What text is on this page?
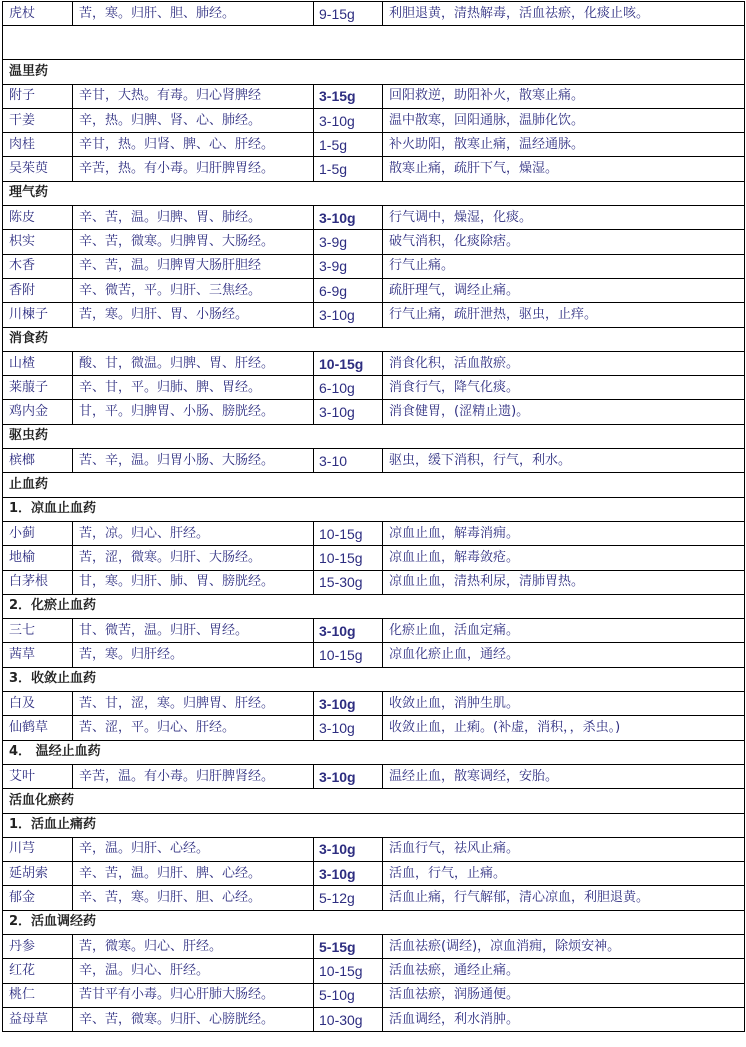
虎杖	苦，寒。归肝、胆、肺经。	9-15g	利胆退黄，清热解毒，活血祛瘀，化痰止咳。

温里药			
附子	辛甘，大热。有毒。归心肾脾经	3-15g	回阳救逆，助阳补火，散寒止痛。
干姜	辛，热。归脾、肾、心、肺经。	3-10g	温中散寒，回阳通脉，温肺化饮。
肉桂	辛甘，热。归肾、脾、心、肝经。	1-5g	补火助阳，散寒止痛，温经通脉。
吴茱萸	辛苦，热。有小毒。归肝脾胃经。	1-5g	散寒止痛，疏肝下气，燥湿。
理气药			
陈皮	辛、苦，温。归脾、胃、肺经。	3-10g	行气调中，燥湿，化痰。
枳实	辛、苦，微寒。归脾胃、大肠经。	3-9g	破气消积，化痰除痞。
木香	辛、苦，温。归脾胃大肠肝胆经	3-9g	行气止痛。
香附	辛、微苦，平。归肝、三焦经。	6-9g	疏肝理气，调经止痛。
川楝子	苦，寒。归肝、胃、小肠经。	3-10g	行气止痛，疏肝泄热，驱虫，止痒。
消食药			
山楂	酸、甘，微温。归脾、胃、肝经。	10-15g	消食化积，活血散瘀。
莱菔子	辛、甘，平。归肺、脾、胃经。	6-10g	消食行气，降气化痰。
鸡内金	甘，平。归脾胃、小肠、膀胱经。	3-10g	消食健胃，(涩精止遗)。
驱虫药			
槟榔	苦、辛，温。归胃小肠、大肠经。	3-10	驱虫，缓下消积，行气，利水。
止血药			
1．凉血止血药			
小蓟	苦，凉。归心、肝经。	10-15g	凉血止血，解毒消痈。
地榆	苦，涩，微寒。归肝、大肠经。	10-15g	凉血止血，解毒敛疮。
白茅根	甘，寒。归肝、肺、胃、膀胱经。	15-30g	凉血止血，清热利尿，清肺胃热。
2．化瘀止血药			
三七	甘、微苦，温。归肝、胃经。	3-10g	化瘀止血，活血定痛。
茜草	苦，寒。归肝经。	10-15g	凉血化瘀止血，通经。
3．收敛止血药			
白及	苦、甘，涩，寒。归脾胃、肝经。	3-10g	收敛止血，消肿生肌。
仙鹤草	苦、涩，平。归心、肝经。	3-10g	收敛止血，止痢。(补虚，消积，，杀虫。)
4． 温经止血药			
艾叶	辛苦，温。有小毒。归肝脾肾经。	3-10g	温经止血，散寒调经，安胎。
活血化瘀药			
1．活血止痛药			
川芎	辛，温。归肝、心经。	3-10g	活血行气，祛风止痛。
延胡索	辛、苦，温。归肝、脾、心经。	3-10g	活血，行气，止痛。
郁金	辛、苦，寒。归肝、胆、心经。	5-12g	活血止痛，行气解郁，清心凉血，利胆退黄。
2．活血调经药			
丹参	苦，微寒。归心、肝经。	5-15g	活血祛瘀(调经)，凉血消痈，除烦安神。
红花	辛，温。归心、肝经。	10-15g	活血祛瘀，通经止痛。
桃仁	苦甘平有小毒。归心肝肺大肠经。	5-10g	活血祛瘀，润肠通便。
益母草	辛、苦，微寒。归肝、心膀胱经。	10-30g	活血调经，利水消肿。
